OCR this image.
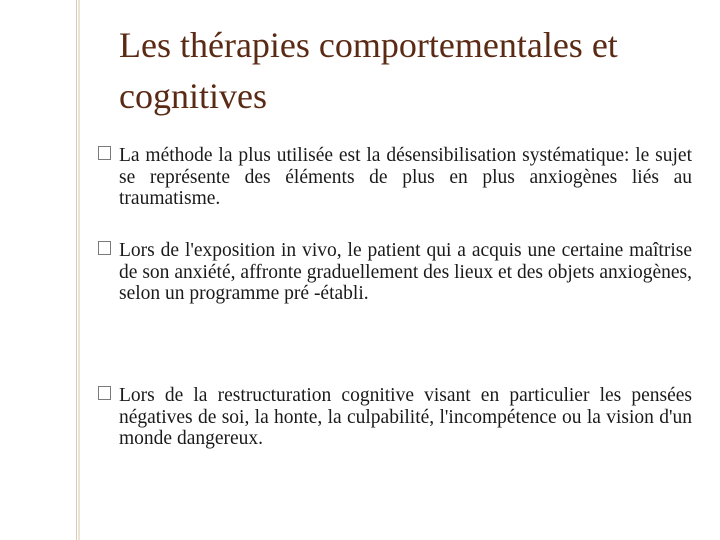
Les thérapies comportementales et cognitives
La méthode la plus utilisée est la désensibilisation systématique: le sujet se représente des éléments de plus en plus anxiogènes liés au traumatisme.
Lors de l'exposition in vivo, le patient qui a acquis une certaine maîtrise de son anxiété, affronte graduellement des lieux et des objets anxiogènes, selon un programme pré -établi.
Lors de la restructuration cognitive visant en particulier les pensées négatives de soi, la honte, la culpabilité, l'incompétence ou la vision d'un monde dangereux.
